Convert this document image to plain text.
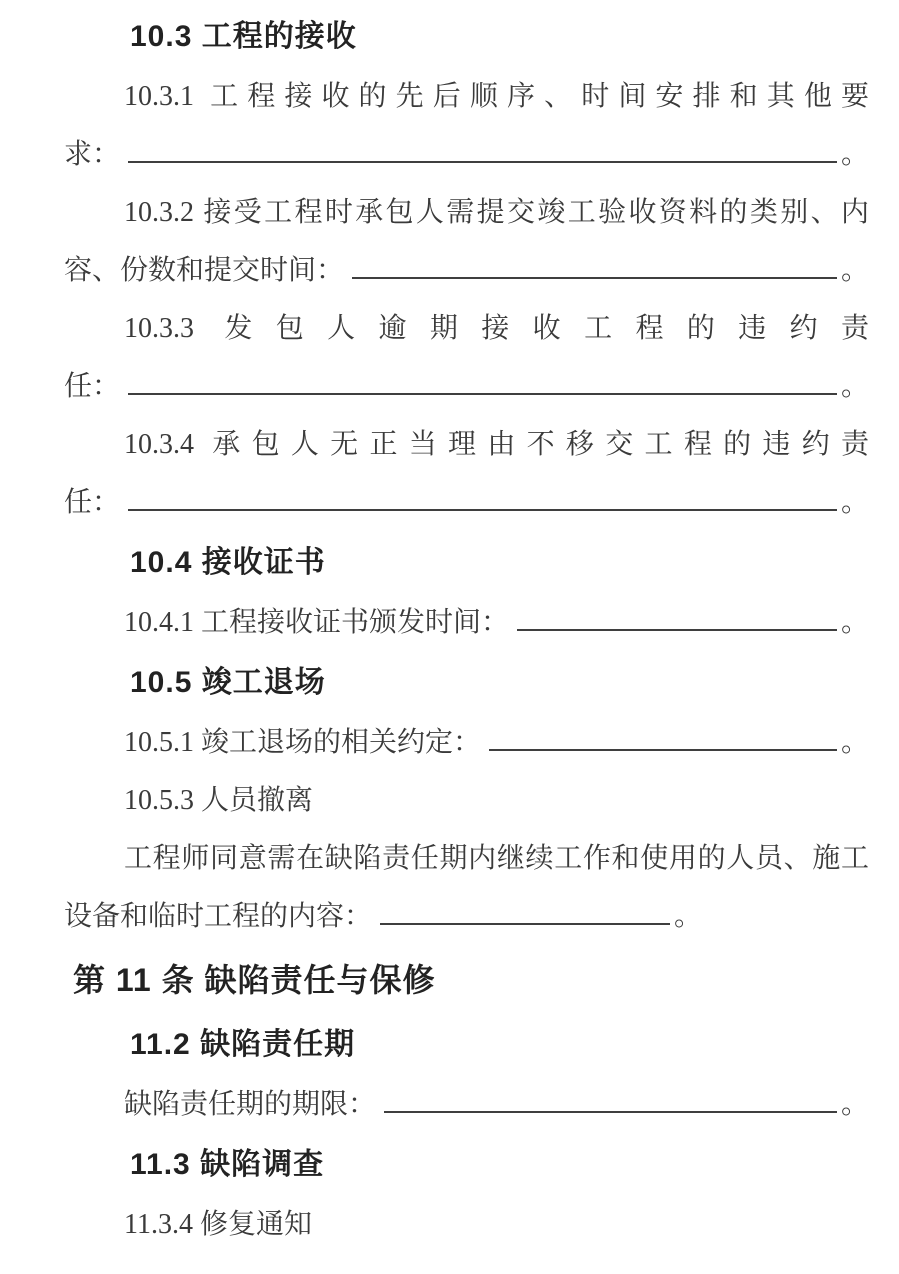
10.3 工程的接收
10.3.1 工程接收的先后顺序、时间安排和其他要
求：	。
10.3.2 接受工程时承包人需提交竣工验收资料的类别、内
容、份数和提交时间：	。
10.3.3 发包人逾期接收工程的违约责
任：	。
10.3.4 承包人无正当理由不移交工程的违约责
任：	。
10.4 接收证书
10.4.1 工程接收证书颁发时间：	。
10.5 竣工退场
10.5.1 竣工退场的相关约定：	。
10.5.3 人员撤离
工程师同意需在缺陷责任期内继续工作和使用的人员、施工
设备和临时工程的内容：	。
第 11 条 缺陷责任与保修
11.2 缺陷责任期
缺陷责任期的期限：	。
11.3 缺陷调查
11.3.4 修复通知
